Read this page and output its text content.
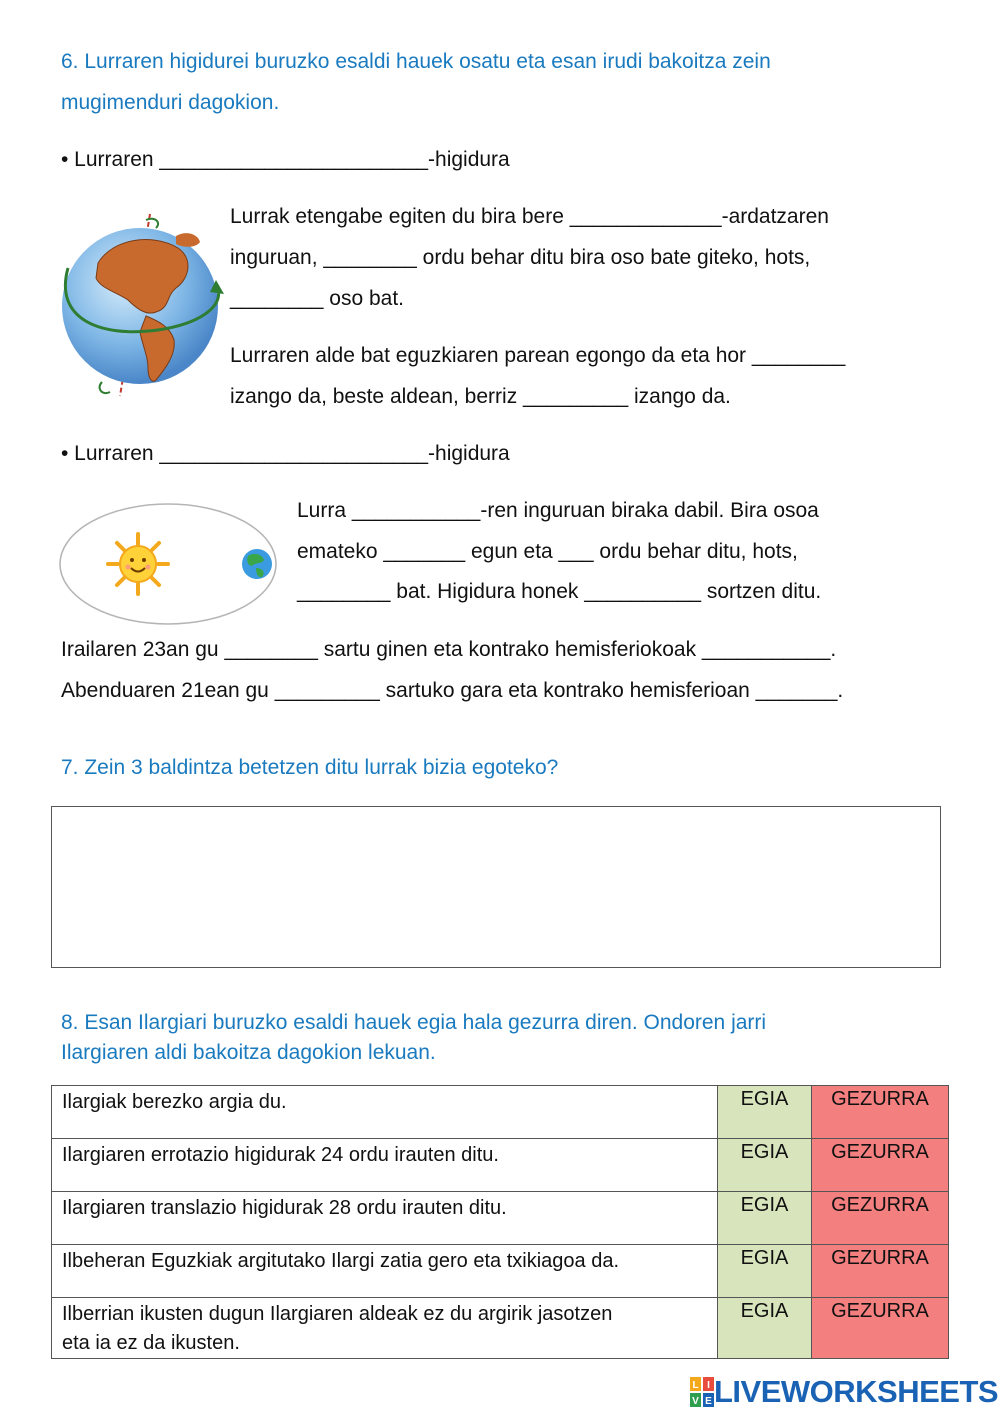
6. Lurraren higidurei buruzko esaldi hauek osatu eta esan irudi bakoitza zein
mugimenduri dagokion.
• Lurraren _______________________-higidura
Lurrak etengabe egiten du bira bere _____________-ardatzaren
inguruan, ________ ordu behar ditu bira oso bate giteko, hots,
________ oso bat.
Lurraren alde bat eguzkiaren parean egongo da eta hor ________
izango da, beste aldean, berriz _________ izango da.
• Lurraren _______________________-higidura
Lurra ___________-ren inguruan biraka dabil. Bira osoa
emateko _______ egun eta ___ ordu behar ditu, hots,
________ bat. Higidura honek __________ sortzen ditu.
Irailaren 23an gu ________ sartu ginen eta kontrako hemisferiokoak ___________.
Abenduaren 21ean gu _________ sartuko gara eta kontrako hemisferioan _______.
7. Zein 3 baldintza betetzen ditu lurrak bizia egoteko?
8. Esan Ilargiari buruzko esaldi hauek egia hala gezurra diren. Ondoren jarri
Ilargiaren aldi bakoitza dagokion lekuan.
Ilargiak berezko argia du.	EGIA	GEZURRA
Ilargiaren errotazio higidurak 24 ordu irauten ditu.	EGIA	GEZURRA
Ilargiaren translazio higidurak 28 ordu irauten ditu.	EGIA	GEZURRA
Ilbeheran Eguzkiak argitutako Ilargi zatia gero eta txikiagoa da.	EGIA	GEZURRA
Ilberrian ikusten dugun Ilargiaren aldeak ez du argirik jasotzen
eta ia ez da ikusten.	EGIA	GEZURRA
L I
V E LIVEWORKSHEETS
